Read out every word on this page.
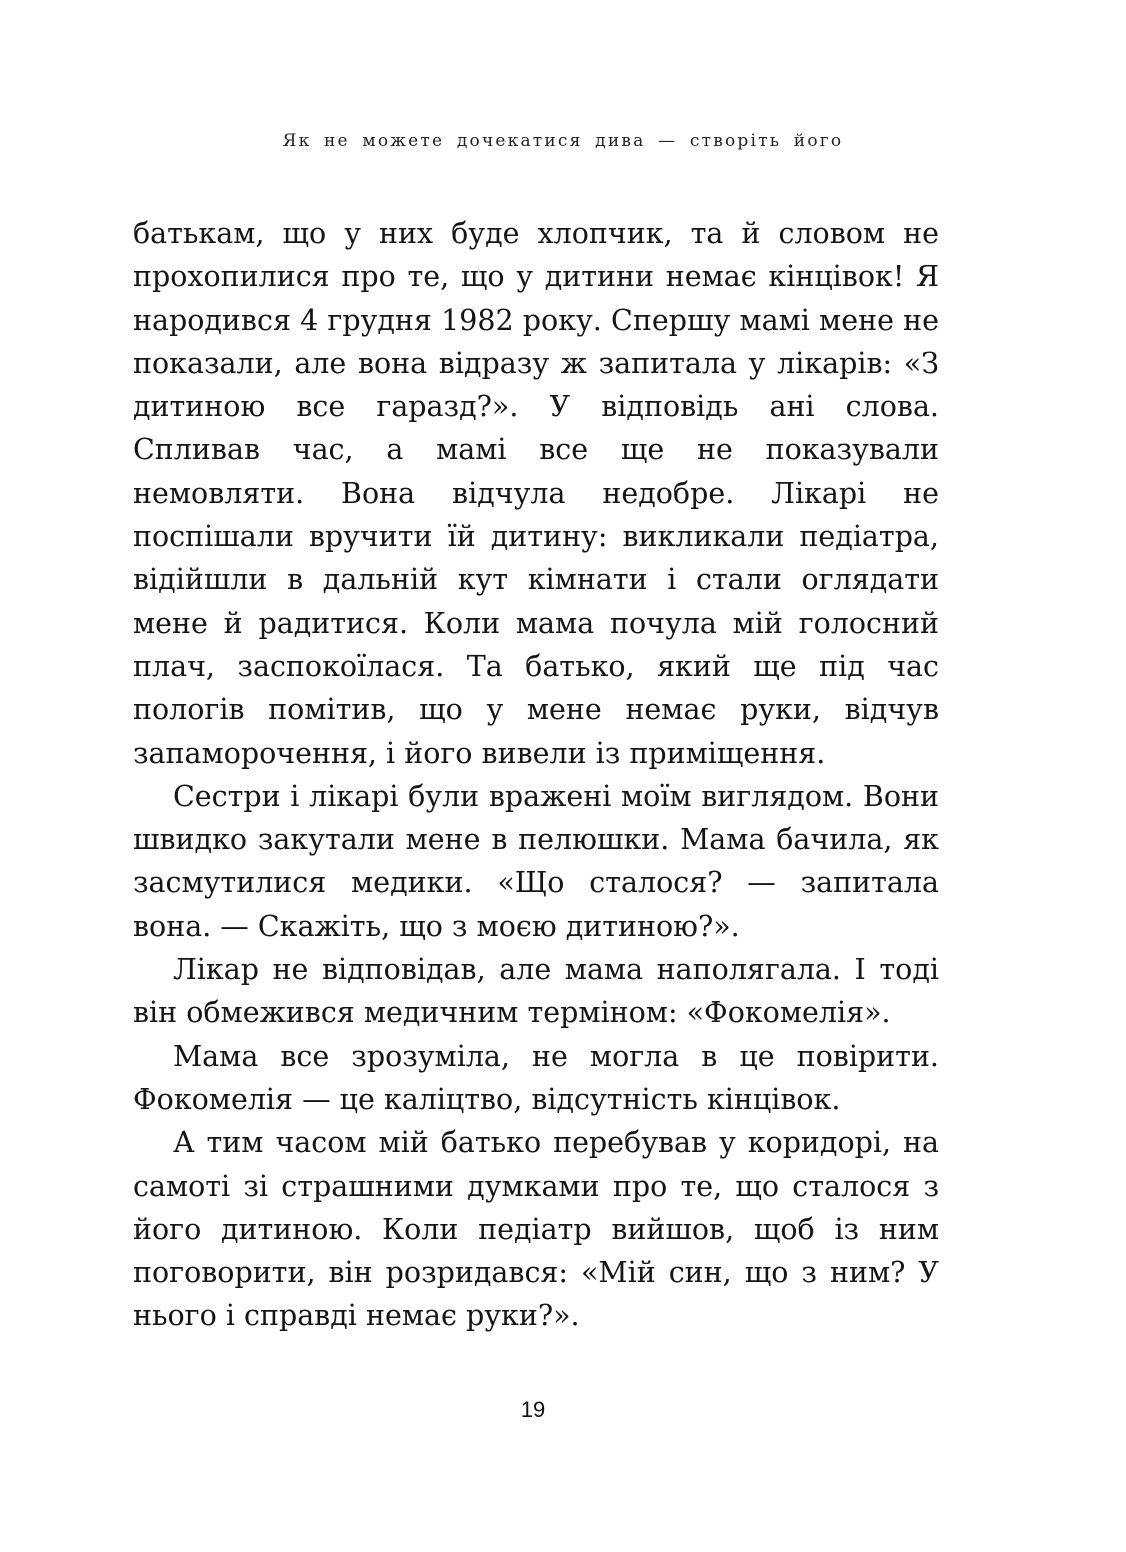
Як не можете дочекатися дива — створіть його

батькам, що у них буде хлопчик, та й словом не прохопилися про те, що у дитини немає кінцівок! Я народився 4 грудня 1982 року. Спершу мамі мене не показали, але вона відразу ж запитала у лікарів: «З дитиною все гаразд?». У відповідь ані слова. Спливав час, а мамі все ще не показували немовляти. Вона відчула недобре. Лікарі не поспішали вручити їй дитину: викликали педіатра, відійшли в дальній кут кімнати і стали оглядати мене й радитися. Коли мама почула мій голосний плач, заспокоїлася. Та батько, який ще під час пологів помітив, що у мене немає руки, відчув запаморочення, і його вивели із приміщення.

Сестри і лікарі були вражені моїм виглядом. Вони швидко закутали мене в пелюшки. Мама бачила, як засмутилися медики. «Що сталося? — запитала вона. — Скажіть, що з моєю дитиною?».

Лікар не відповідав, але мама наполягала. І тоді він обмежився медичним терміном: «Фокомелія».

Мама все зрозуміла, не могла в це повірити. Фокомелія — це каліцтво, відсутність кінцівок.

А тим часом мій батько перебував у коридорі, на самоті зі страшними думками про те, що сталося з його дитиною. Коли педіатр вийшов, щоб із ним поговорити, він розридався: «Мій син, що з ним? У нього і справді немає руки?».

19
